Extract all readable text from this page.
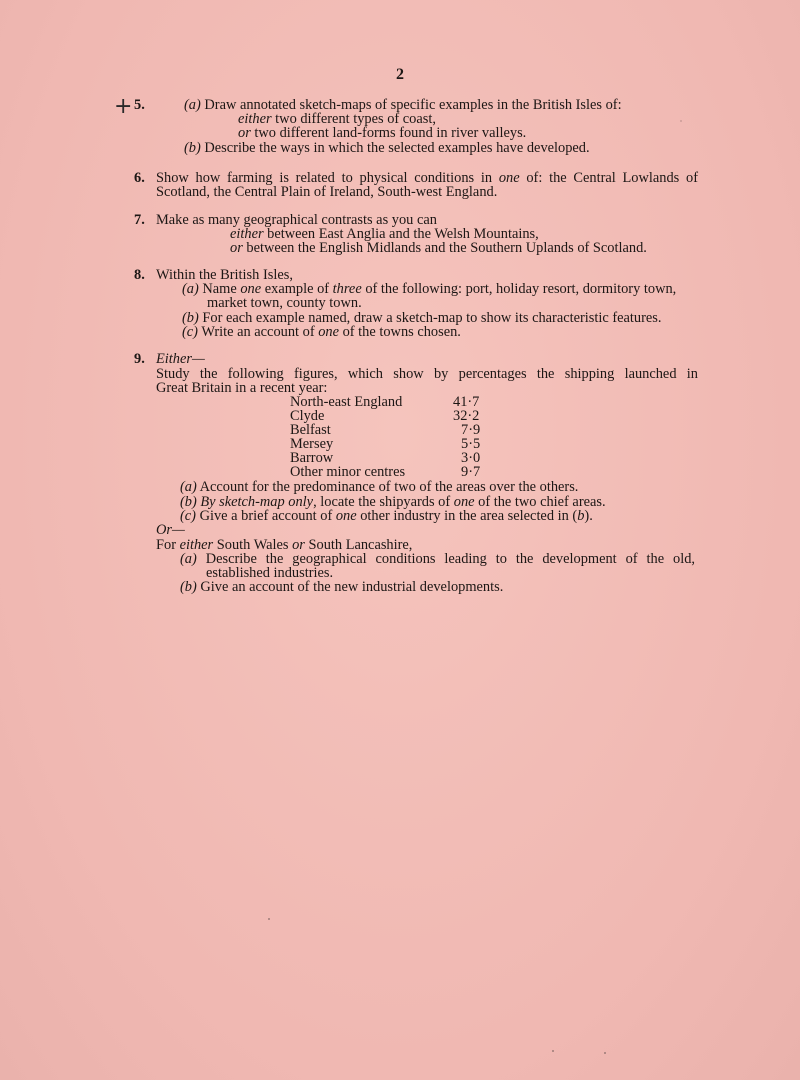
2
+ 5.	(a) Draw annotated sketch-maps of specific examples in the British Isles of:
either two different types of coast,
or two different land-forms found in river valleys.
(b) Describe the ways in which the selected examples have developed.
6. Show how farming is related to physical conditions in one of: the Central Lowlands of
Scotland, the Central Plain of Ireland, South-west England.
7. Make as many geographical contrasts as you can
either between East Anglia and the Welsh Mountains,
or between the English Midlands and the Southern Uplands of Scotland.
8. Within the British Isles,
(a) Name one example of three of the following: port, holiday resort, dormitory town,
market town, county town.
(b) For each example named, draw a sketch-map to show its characteristic features.
(c) Write an account of one of the towns chosen.
9. Either—
Study the following figures, which show by percentages the shipping launched in
Great Britain in a recent year:
North-east England	41·7
Clyde	32·2
Belfast	7·9
Mersey	5·5
Barrow	3·0
Other minor centres	9·7
(a) Account for the predominance of two of the areas over the others.
(b) By sketch-map only, locate the shipyards of one of the two chief areas.
(c) Give a brief account of one other industry in the area selected in (b).
Or—
For either South Wales or South Lancashire,
(a) Describe the geographical conditions leading to the development of the old,
established industries.
(b) Give an account of the new industrial developments.
